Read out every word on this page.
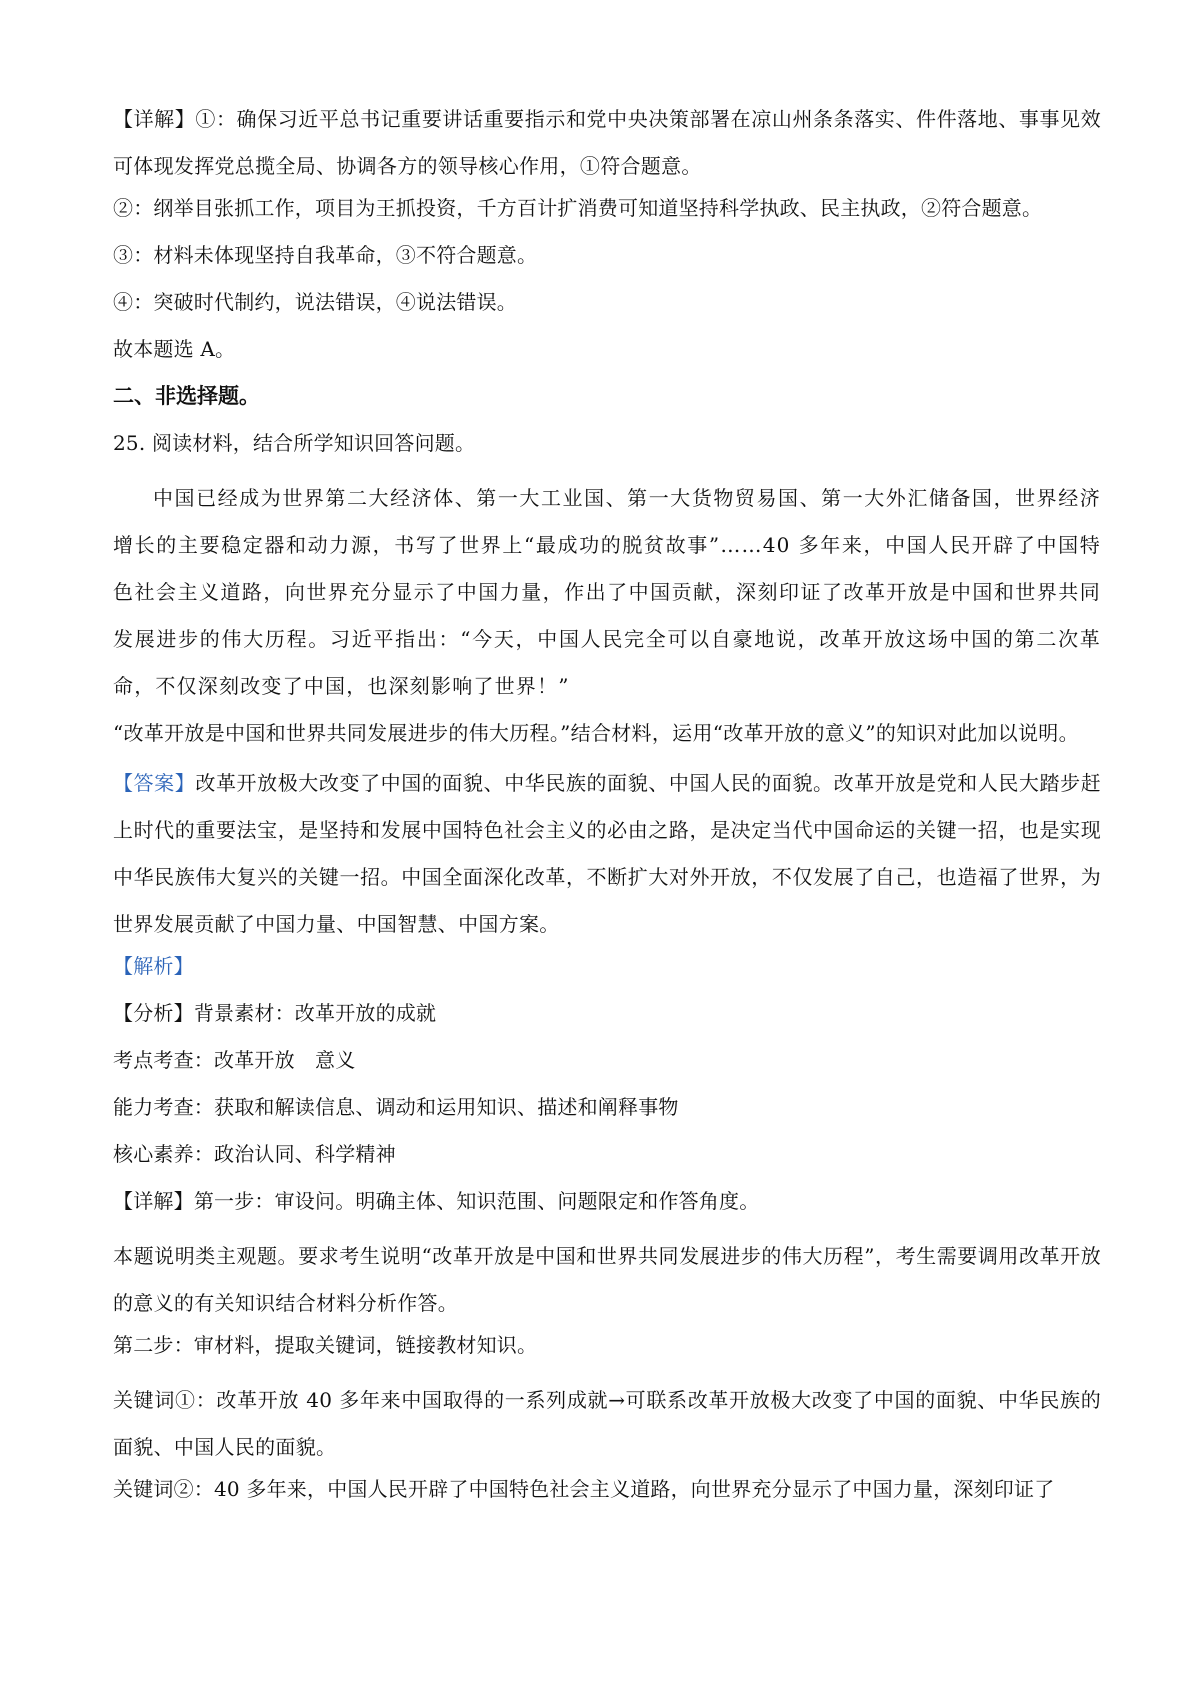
【详解】①：确保习近平总书记重要讲话重要指示和党中央决策部署在凉山州条条落实、件件落地、事事见效可体现发挥党总揽全局、协调各方的领导核心作用，①符合题意。

②：纲举目张抓工作，项目为王抓投资，千方百计扩消费可知道坚持科学执政、民主执政，②符合题意。

③：材料未体现坚持自我革命，③不符合题意。

④：突破时代制约，说法错误，④说法错误。

故本题选 A。

二、非选择题。

25. 阅读材料，结合所学知识回答问题。

中国已经成为世界第二大经济体、第一大工业国、第一大货物贸易国、第一大外汇储备国，世界经济增长的主要稳定器和动力源，书写了世界上“最成功的脱贫故事”……40 多年来，中国人民开辟了中国特色社会主义道路，向世界充分显示了中国力量，作出了中国贡献，深刻印证了改革开放是中国和世界共同发展进步的伟大历程。习近平指出：“今天，中国人民完全可以自豪地说，改革开放这场中国的第二次革命，不仅深刻改变了中国，也深刻影响了世界！”

“改革开放是中国和世界共同发展进步的伟大历程。”结合材料，运用“改革开放的意义”的知识对此加以说明。

【答案】改革开放极大改变了中国的面貌、中华民族的面貌、中国人民的面貌。改革开放是党和人民大踏步赶上时代的重要法宝，是坚持和发展中国特色社会主义的必由之路，是决定当代中国命运的关键一招，也是实现中华民族伟大复兴的关键一招。中国全面深化改革，不断扩大对外开放，不仅发展了自己，也造福了世界，为世界发展贡献了中国力量、中国智慧、中国方案。

【解析】

【分析】背景素材：改革开放的成就

考点考查：改革开放　意义

能力考查：获取和解读信息、调动和运用知识、描述和阐释事物

核心素养：政治认同、科学精神

【详解】第一步：审设问。明确主体、知识范围、问题限定和作答角度。

本题说明类主观题。要求考生说明“改革开放是中国和世界共同发展进步的伟大历程”，考生需要调用改革开放的意义的有关知识结合材料分析作答。

第二步：审材料，提取关键词，链接教材知识。

关键词①：改革开放 40 多年来中国取得的一系列成就→可联系改革开放极大改变了中国的面貌、中华民族的面貌、中国人民的面貌。

关键词②：40 多年来，中国人民开辟了中国特色社会主义道路，向世界充分显示了中国力量，深刻印证了
